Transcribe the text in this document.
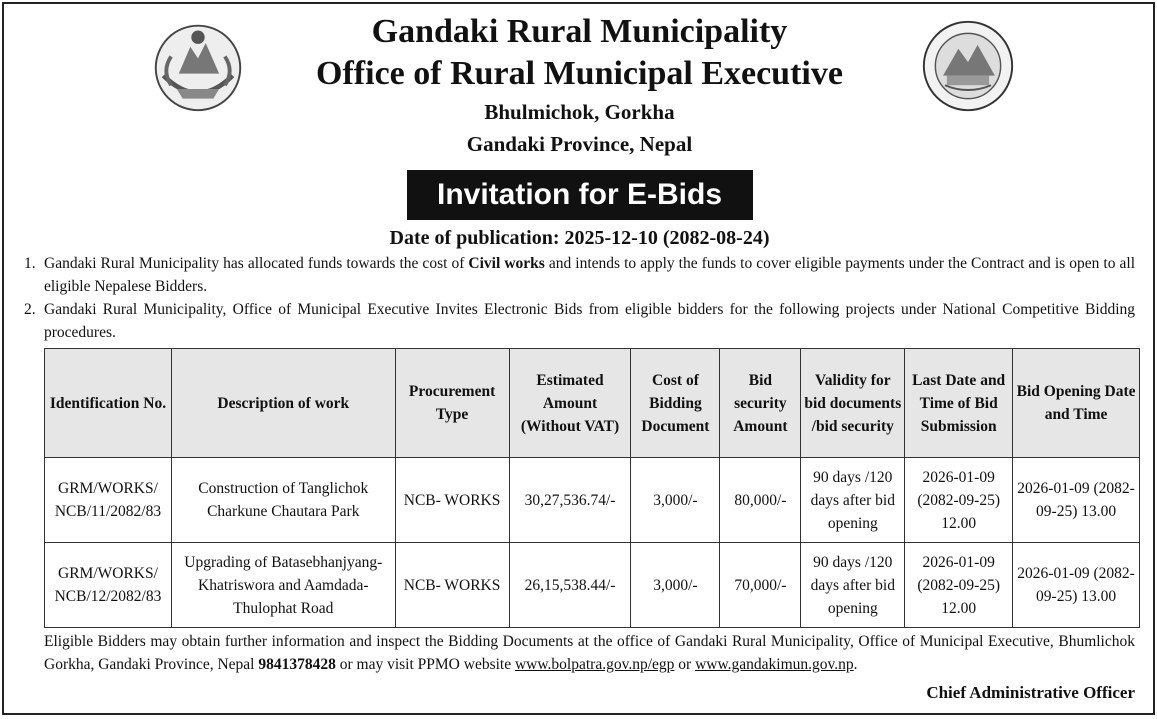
Gandaki Rural Municipality

Office of Rural Municipal Executive

Bhulmichok, Gorkha

Gandaki Province, Nepal

Invitation for E-Bids
Date of publication: 2025-12-10 (2082-08-24)
1. Gandaki Rural Municipality has allocated funds towards the cost of Civil works and intends to apply the funds to cover eligible payments under the Contract and is open to all eligible Nepalese Bidders.
2. Gandaki Rural Municipality, Office of Municipal Executive Invites Electronic Bids from eligible bidders for the following projects under National Competitive Bidding procedures.
Identification No.	Description of work	Procurement Type	Estimated Amount (Without VAT)	Cost of Bidding Document	Bid security Amount	Validity for bid documents /bid security	Last Date and Time of Bid Submission	Bid Opening Date and Time
GRM/WORKS/ NCB/11/2082/83	Construction of Tanglichok Charkune Chautara Park	NCB- WORKS	30,27,536.74/-	3,000/-	80,000/-	90 days /120 days after bid opening	2026-01-09 (2082-09-25) 12.00	2026-01-09 (2082-09-25) 13.00
GRM/WORKS/ NCB/12/2082/83	Upgrading of Batasebhanjyang-Khatriswora and Aamdada-Thulophat Road	NCB- WORKS	26,15,538.44/-	3,000/-	70,000/-	90 days /120 days after bid opening	2026-01-09 (2082-09-25) 12.00	2026-01-09 (2082-09-25) 13.00
Eligible Bidders may obtain further information and inspect the Bidding Documents at the office of Gandaki Rural Municipality, Office of Municipal Executive, Bhumlichok Gorkha, Gandaki Province, Nepal 9841378428 or may visit PPMO website www.bolpatra.gov.np/egp or www.gandakimun.gov.np.
Chief Administrative Officer
